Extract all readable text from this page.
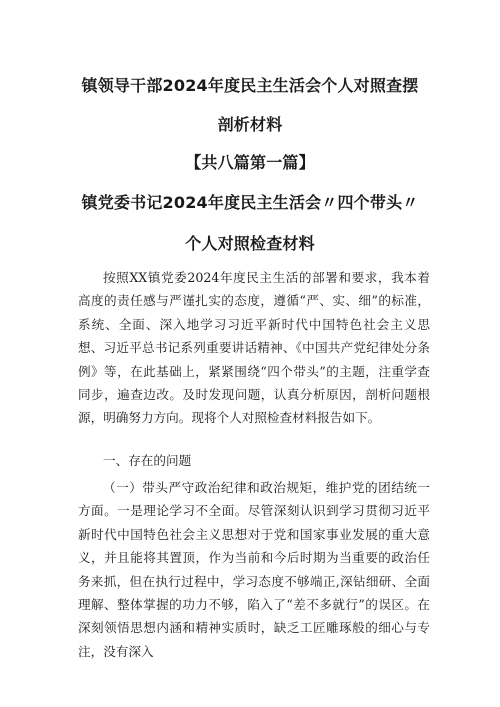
镇领导干部2024年度民主生活会个人对照查摆
剖析材料
【共八篇第一篇】
镇党委书记2024年度民主生活会〃四个带头〃
个人对照检查材料

按照XX镇党委2024年度民主生活的部署和要求，我本着高度的责任感与严谨扎实的态度，遵循“严、实、细”的标准，系统、全面、深入地学习习近平新时代中国特色社会主义思想、习近平总书记系列重要讲话精神、《中国共产党纪律处分条例》等，在此基础上，紧紧围绕“四个带头”的主题，注重学查同步，遍查边改。及时发现问题，认真分析原因，剖析问题根源，明确努力方向。现将个人对照检查材料报告如下。

一、存在的问题

（一）带头严守政治纪律和政治规矩，维护党的团结统一方面。一是理论学习不全面。尽管深刻认识到学习贯彻习近平新时代中国特色社会主义思想对于党和国家事业发展的重大意义，并且能将其置顶，作为当前和今后时期为当重要的政治任务来抓，但在执行过程中，学习态度不够端正,深钻细研、全面理解、整体掌握的功力不够，陷入了“差不多就行”的误区。在深刻领悟思想内涵和精神实质时，缺乏工匠雕琢般的细心与专注，没有深入
